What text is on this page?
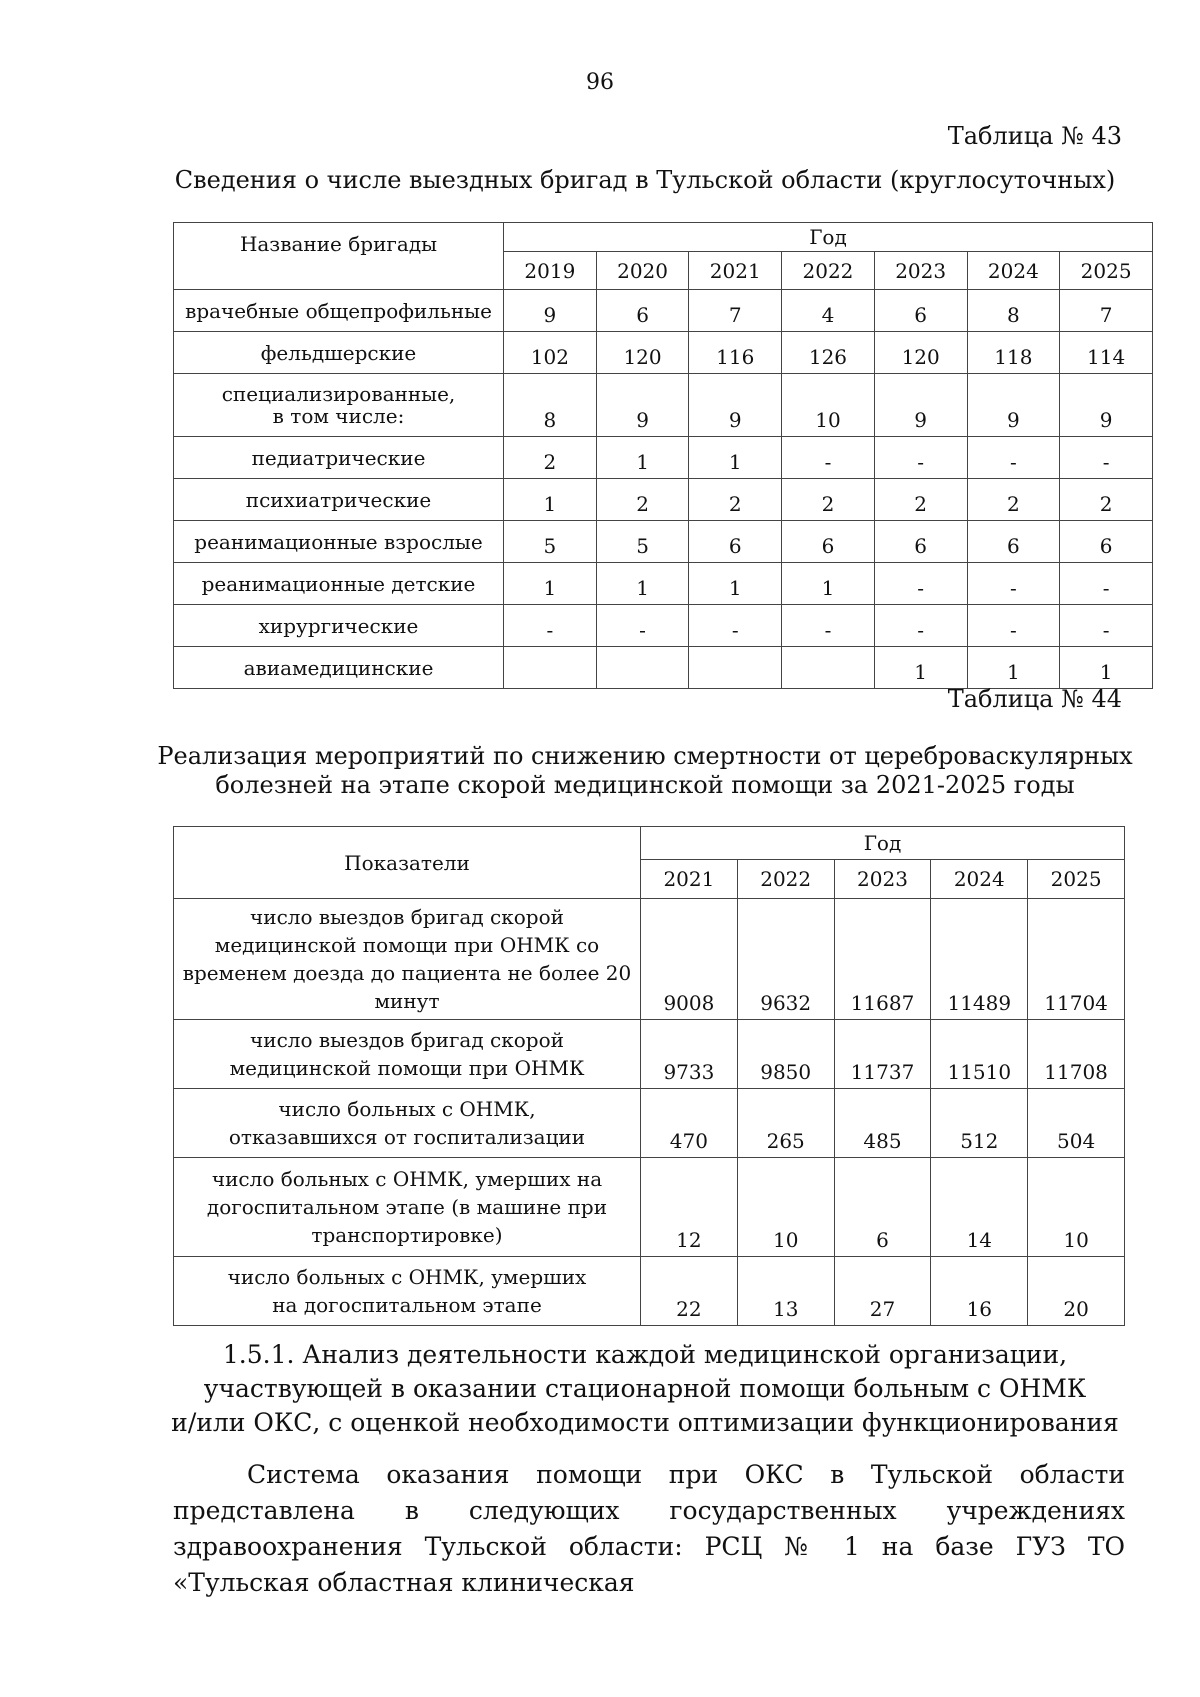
96
Таблица № 43
Сведения о числе выездных бригад в Тульской области (круглосуточных)
Название бригады	Год						
	2019	2020	2021	2022	2023	2024	2025
врачебные общепрофильные	9	6	7	4	6	8	7
фельдшерские	102	120	116	126	120	118	114
специализированные, в том числе:	8	9	9	10	9	9	9
педиатрические	2	1	1	-	-	-	-
психиатрические	1	2	2	2	2	2	2
реанимационные взрослые	5	5	6	6	6	6	6
реанимационные детские	1	1	1	1	-	-	-
хирургические	-	-	-	-	-	-	-
авиамедицинские					1	1	1
Таблица № 44
Реализация мероприятий по снижению смертности от цереброваскулярных
болезней на этапе скорой медицинской помощи за 2021-2025 годы
Показатели	Год				
	2021	2022	2023	2024	2025
число выездов бригад скорой медицинской помощи при ОНМК со временем доезда до пациента не более 20 минут	9008	9632	11687	11489	11704
число выездов бригад скорой медицинской помощи при ОНМК	9733	9850	11737	11510	11708
число больных с ОНМК, отказавшихся от госпитализации	470	265	485	512	504
число больных с ОНМК, умерших на догоспитальном этапе (в машине при транспортировке)	12	10	6	14	10
число больных с ОНМК, умерших на догоспитальном этапе	22	13	27	16	20
1.5.1. Анализ деятельности каждой медицинской организации,
участвующей в оказании стационарной помощи больным с ОНМК
и/или ОКС, с оценкой необходимости оптимизации функционирования
Система оказания помощи при ОКС в Тульской области представлена в следующих государственных учреждениях здравоохранения Тульской области: РСЦ № 1 на базе ГУЗ ТО «Тульская областная клиническая
